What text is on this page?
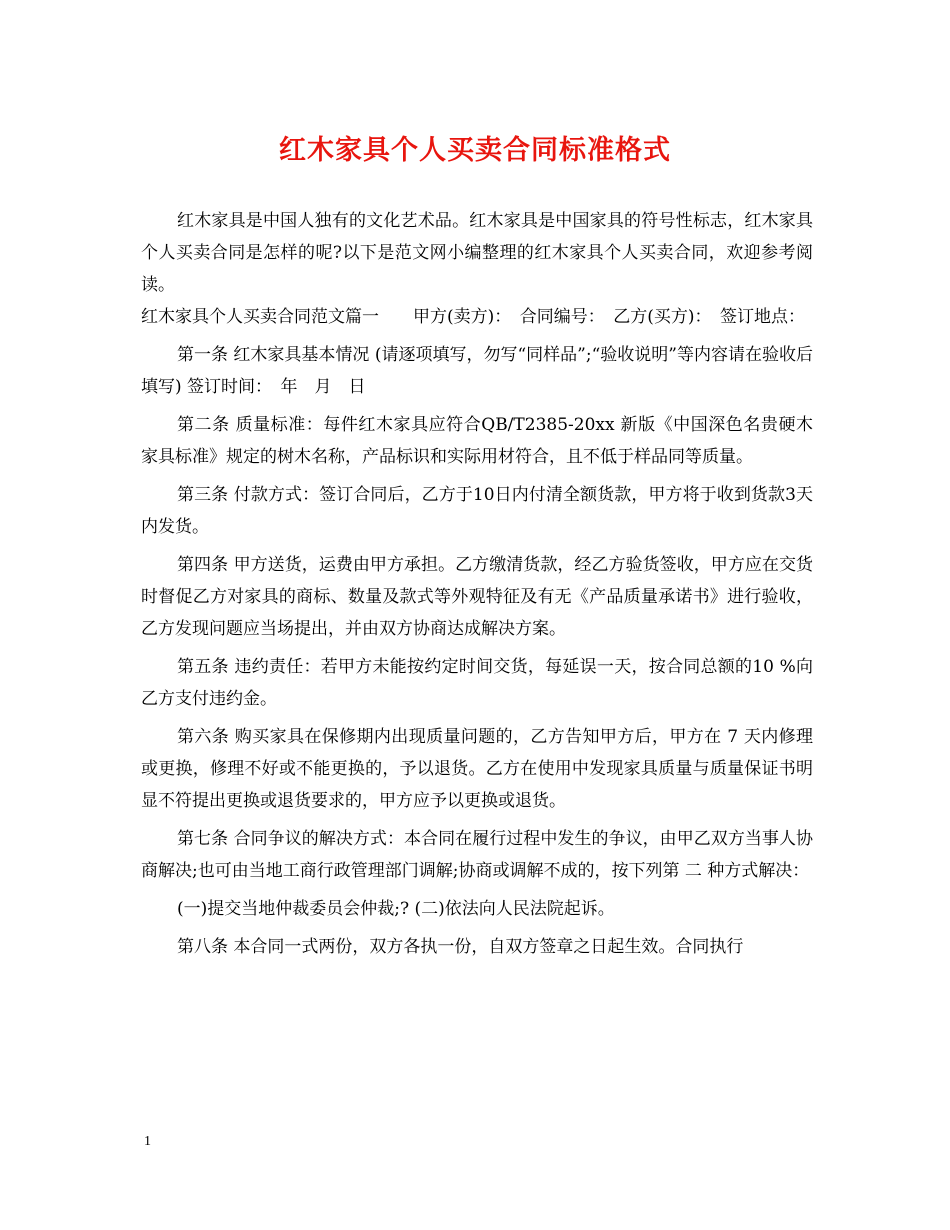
红木家具个人买卖合同标准格式

红木家具是中国人独有的文化艺术品。红木家具是中国家具的符号性标志，红木家具个人买卖合同是怎样的呢?以下是范文网小编整理的红木家具个人买卖合同，欢迎参考阅读。

红木家具个人买卖合同范文篇一　　甲方(卖方)：　合同编号：　乙方(买方)：　签订地点：

第一条 红木家具基本情况 (请逐项填写，勿写“同样品”;“验收说明”等内容请在验收后填写) 签订时间：　年　月　日

第二条 质量标准：每件红木家具应符合QB/T2385-20xx 新版《中国深色名贵硬木家具标准》规定的树木名称，产品标识和实际用材符合，且不低于样品同等质量。

第三条 付款方式：签订合同后，乙方于10日内付清全额货款，甲方将于收到货款3天内发货。

第四条 甲方送货，运费由甲方承担。乙方缴清货款，经乙方验货签收，甲方应在交货时督促乙方对家具的商标、数量及款式等外观特征及有无《产品质量承诺书》进行验收，乙方发现问题应当场提出，并由双方协商达成解决方案。

第五条 违约责任：若甲方未能按约定时间交货，每延误一天，按合同总额的10 %向乙方支付违约金。

第六条 购买家具在保修期内出现质量问题的，乙方告知甲方后，甲方在 7 天内修理或更换，修理不好或不能更换的，予以退货。乙方在使用中发现家具质量与质量保证书明显不符提出更换或退货要求的，甲方应予以更换或退货。

第七条 合同争议的解决方式：本合同在履行过程中发生的争议，由甲乙双方当事人协商解决;也可由当地工商行政管理部门调解;协商或调解不成的，按下列第 二 种方式解决：

(一)提交当地仲裁委员会仲裁;? (二)依法向人民法院起诉。

第八条 本合同一式两份，双方各执一份，自双方签章之日起生效。合同执行

1
